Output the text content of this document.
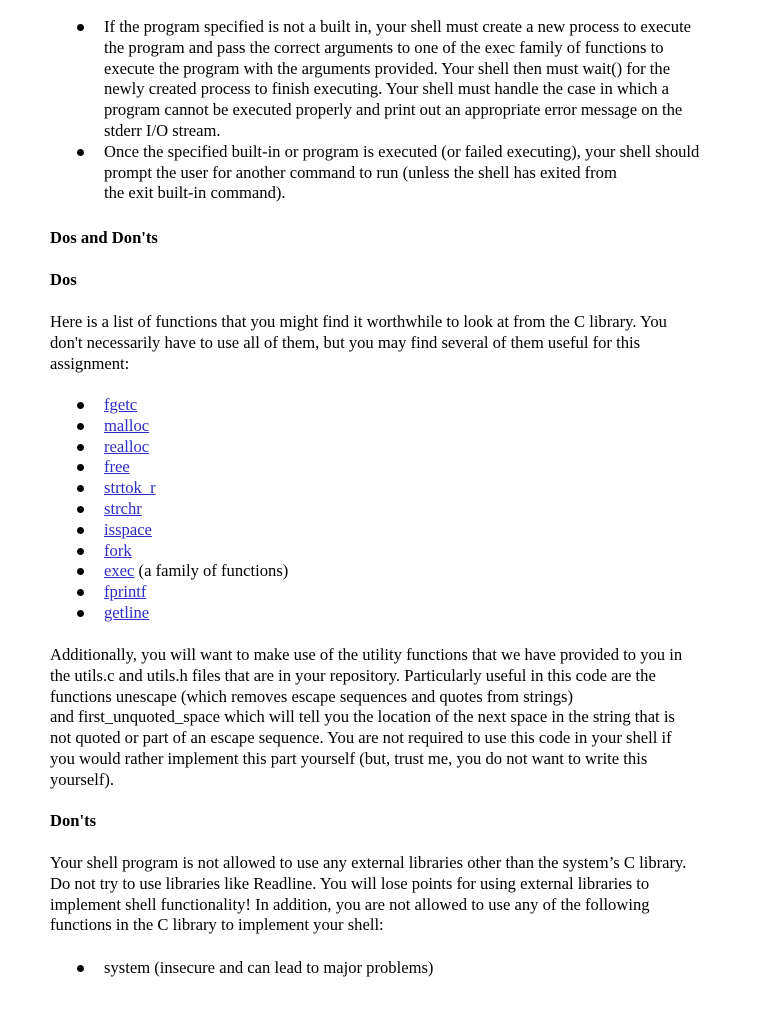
If the program specified is not a built in, your shell must create a new process to execute
the program and pass the correct arguments to one of the exec family of functions to
execute the program with the arguments provided. Your shell then must wait() for the
newly created process to finish executing. Your shell must handle the case in which a
program cannot be executed properly and print out an appropriate error message on the
stderr I/O stream.
Once the specified built-in or program is executed (or failed executing), your shell should
prompt the user for another command to run (unless the shell has exited from
the exit built-in command).
Dos and Don'ts
Dos
Here is a list of functions that you might find it worthwhile to look at from the C library. You
don't necessarily have to use all of them, but you may find several of them useful for this
assignment:
fgetc
malloc
realloc
free
strtok_r
strchr
isspace
fork
exec (a family of functions)
fprintf
getline
Additionally, you will want to make use of the utility functions that we have provided to you in
the utils.c and utils.h files that are in your repository. Particularly useful in this code are the
functions unescape (which removes escape sequences and quotes from strings)
and first_unquoted_space which will tell you the location of the next space in the string that is
not quoted or part of an escape sequence. You are not required to use this code in your shell if
you would rather implement this part yourself (but, trust me, you do not want to write this
yourself).
Don'ts
Your shell program is not allowed to use any external libraries other than the system’s C library.
Do not try to use libraries like Readline. You will lose points for using external libraries to
implement shell functionality! In addition, you are not allowed to use any of the following
functions in the C library to implement your shell:
system (insecure and can lead to major problems)
